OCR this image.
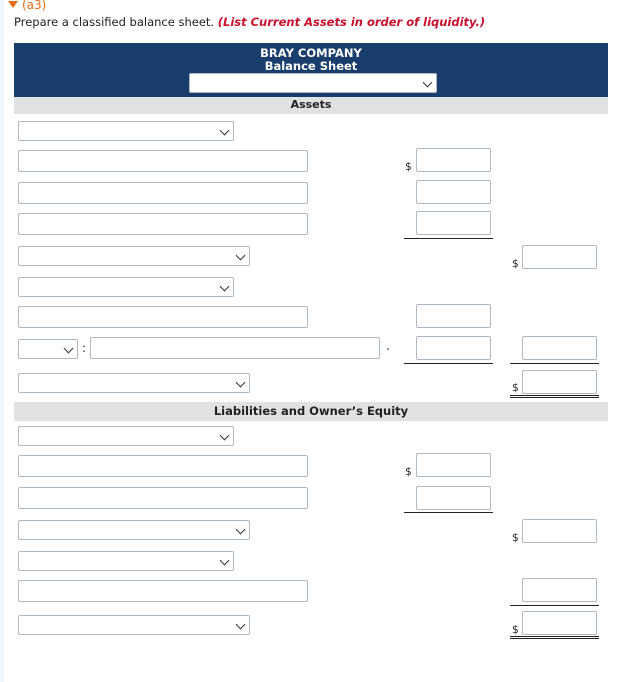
(a3)
Prepare a classified balance sheet. (List Current Assets in order of liquidity.)
BRAY COMPANY
Balance Sheet
Assets
$
$
:	.
$
Liabilities and Owner’s Equity
$
$
$
